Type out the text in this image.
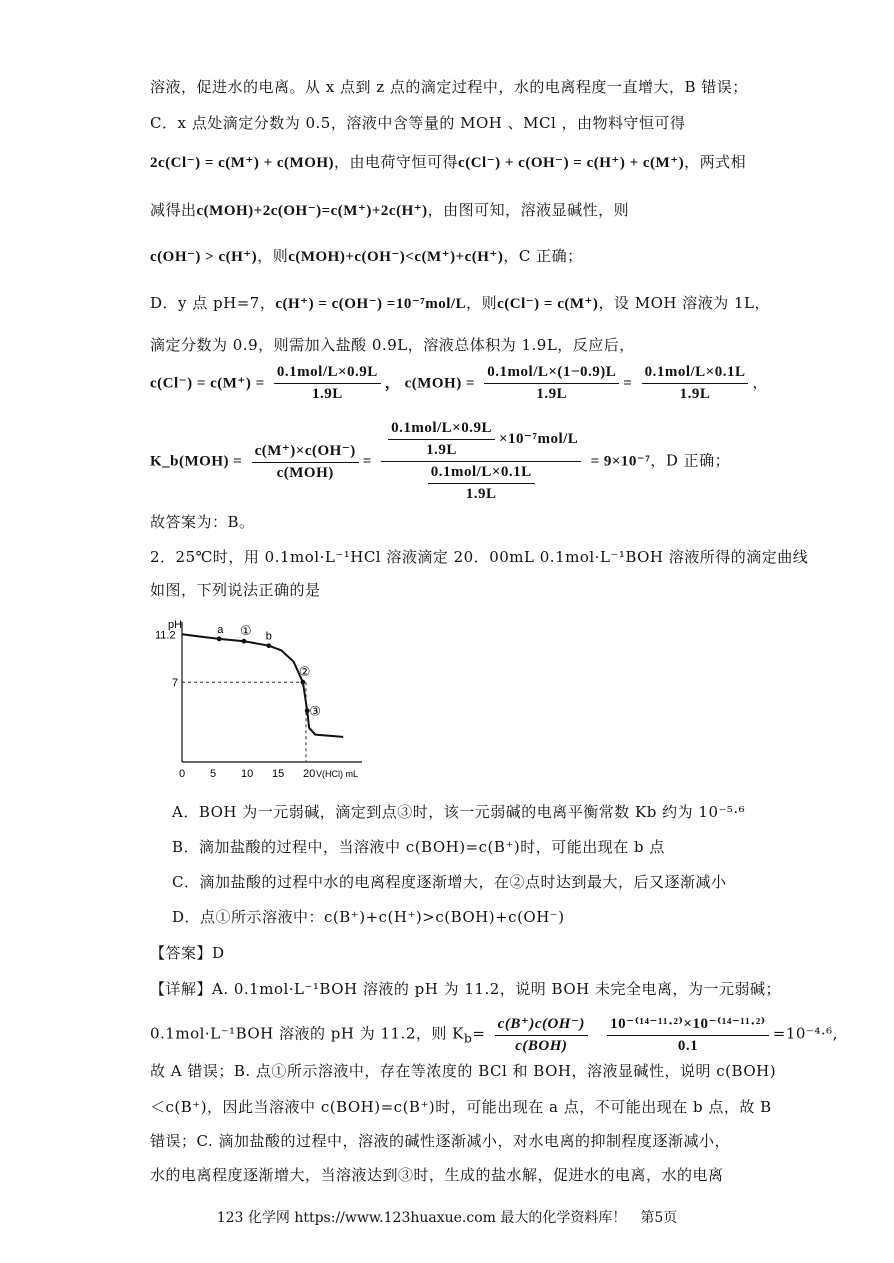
溶液，促进水的电离。从 x 点到 z 点的滴定过程中，水的电离程度一直增大，B 错误；
C．x 点处滴定分数为 0.5，溶液中含等量的 MOH 、MCl ，由物料守恒可得
2c(Cl⁻) = c(M⁺) + c(MOH)，由电荷守恒可得c(Cl⁻) + c(OH⁻) = c(H⁺) + c(M⁺)，两式相
减得出c(MOH)+2c(OH⁻)=c(M⁺)+2c(H⁺)，由图可知，溶液显碱性，则
c(OH⁻) > c(H⁺)，则c(MOH)+c(OH⁻)<c(M⁺)+c(H⁺)，C 正确；
D．y 点 pH=7，c(H⁺) = c(OH⁻) =10⁻⁷mol/L，则c(Cl⁻) = c(M⁺)，设 MOH 溶液为 1L，
滴定分数为 0.9，则需加入盐酸 0.9L，溶液总体积为 1.9L，反应后，
$c(Cl^-) = c(M^+) = \frac{\text{0.1mol/L×0.9L}}{1.9L}$ ， $c(MOH) = \frac{\text{0.1mol/L×(1−0.9)L}}{1.9L} = \frac{\text{0.1mol/L×0.1L}}{1.9L}$ ，
K_b(MOH) = $\frac{c(M^+)\times c(OH^-)}{\text{c(MOH)}} = \frac{\frac{\text{0.1mol/L×0.9L}}{1.9L} \times 10^{-7}mol/L}{\frac{\text{0.1mol/L×0.1L}}{1.9L}} = 9\times 10^{-7}$，D 正确；
故答案为：B。
2．25℃时，用 0.1mol·L⁻¹HCl 溶液滴定 20．00mL 0.1mol·L⁻¹BOH 溶液所得的滴定曲线
如图，下列说法正确的是
pH
V(HCl) mL
0 5 10 15 20
7
11.2	a ① b
②
③
A．BOH 为一元弱碱，滴定到点③时，该一元弱碱的电离平衡常数 Kb 约为 10⁻⁵·⁶
B．滴加盐酸的过程中，当溶液中 c(BOH)=c(B⁺)时，可能出现在 b 点
C．滴加盐酸的过程中水的电离程度逐渐增大，在②点时达到最大，后又逐渐减小
D．点①所示溶液中：c(B⁺)+c(H⁺)>c(BOH)+c(OH⁻)
【答案】D
【详解】A. 0.1mol·L⁻¹BOH 溶液的 pH 为 11.2，说明 BOH 未完全电离，为一元弱碱；
0.1mol·L⁻¹BOH 溶液的 pH 为 11.2，则 $K_b= \frac{c(B^+)c(OH^-)}{\text{c(BOH)}}$
$\frac{\text{10⁻⁽¹⁴⁻¹¹·²⁾×10⁻⁽¹⁴⁻¹¹·²⁾}}{0.1} =10^{-4}\cdot^6$,
故 A 错误；B. 点①所示溶液中，存在等浓度的 BCl 和 BOH，溶液显碱性，说明 c(BOH)
＜c(B⁺)，因此当溶液中 c(BOH)=c(B⁺)时，可能出现在 a 点，不可能出现在 b 点，故 B
错误；C. 滴加盐酸的过程中，溶液的碱性逐渐减小，对水电离的抑制程度逐渐减小，
水的电离程度逐渐增大，当溶液达到③时，生成的盐水解，促进水的电离，水的电离
123 化学网 https://www.123huaxue.com 最大的化学资料库！　第5页
